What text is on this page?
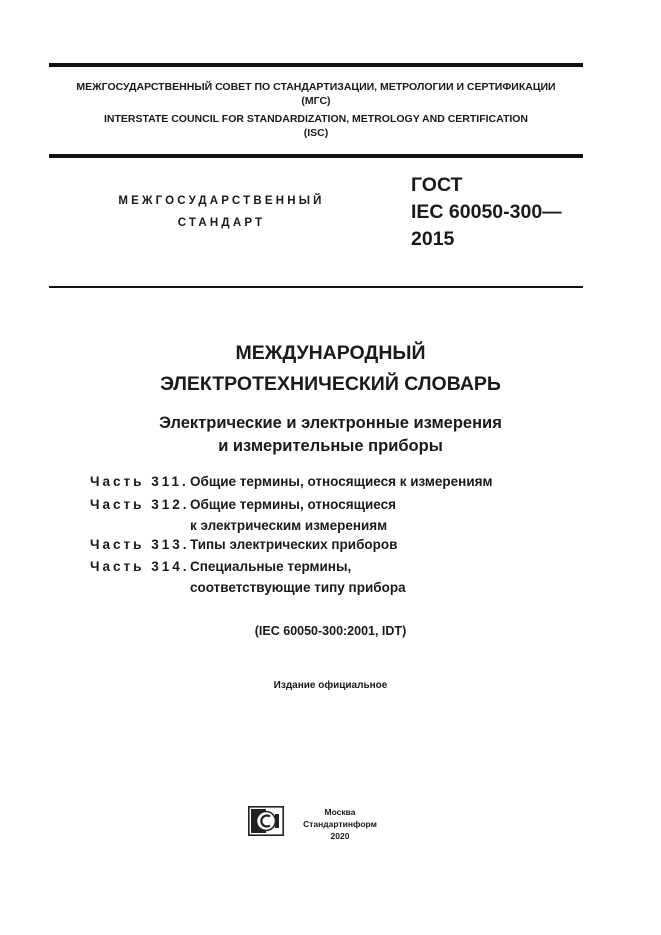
МЕЖГОСУДАРСТВЕННЫЙ СОВЕТ ПО СТАНДАРТИЗАЦИИ, МЕТРОЛОГИИ И СЕРТИФИКАЦИИ
(МГС)
INTERSTATE COUNCIL FOR STANDARDIZATION, METROLOGY AND CERTIFICATION
(ISC)
МЕЖГОСУДАРСТВЕННЫЙ
СТАНДАРТ
ГОСТ
IEC 60050-300—
2015
МЕЖДУНАРОДНЫЙ
ЭЛЕКТРОТЕХНИЧЕСКИЙ СЛОВАРЬ
Электрические и электронные измерения
и измерительные приборы
Часть 311.Общие термины, относящиеся к измерениям
Часть 312.Общие термины, относящиеся
к электрическим измерениям
Часть 313.Типы электрических приборов
Часть 314.Специальные термины,
соответствующие типу прибора
(IEC 60050-300:2001, IDT)
Издание официальное
Москва
Стандартинформ
2020
